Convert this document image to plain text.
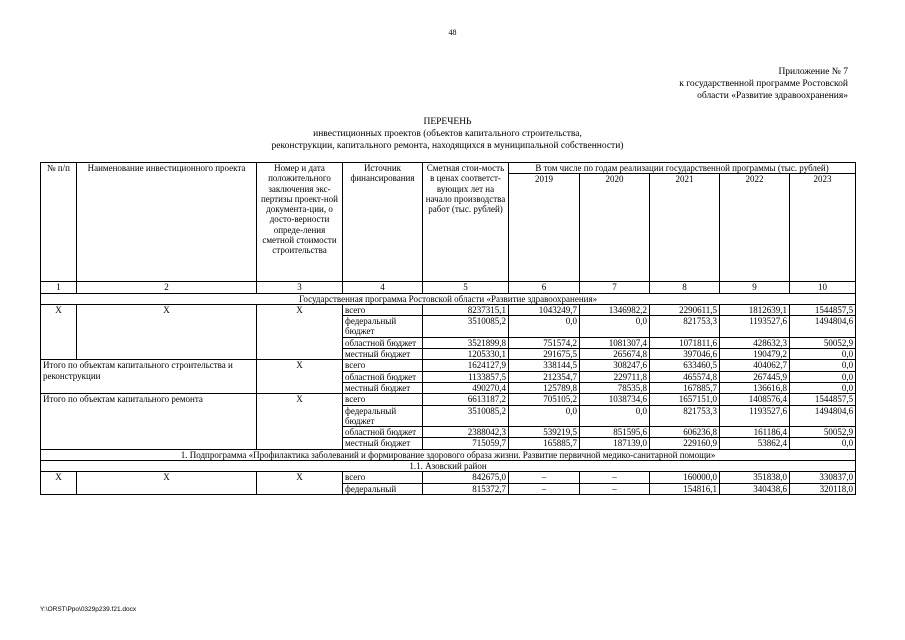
48
Приложение № 7
к государственной программе Ростовской
области «Развитие здравоохранения»
ПЕРЕЧЕНЬ
инвестиционных проектов (объектов капитального строительства,
реконструкции, капитального ремонта, находящихся в муниципальной собственности)
№ п/п	Наименование инвестиционного проекта	Номер и дата положительного заключения экс-пертизы проект-ной документа-ции, о досто-верности опреде-ления сметной стоимости строительства	Источник финансирования	Сметная стои-мость в ценах соответст-вующих лет на начало производства работ (тыс. рублей)	В том числе по годам реализации государственной программы (тыс. рублей)				
					2019	2020	2021	2022	2023
1	2	3	4	5	6	7	8	9	10
Государственная программа Ростовской области «Развитие здравоохранения»									
Х	Х	Х	всего	8237315,1	1043249,7	1346982,2	2290611,5	1812639,1	1544857,5
			федеральный бюджет	3510085,2	0,0	0,0	821753,3	1193527,6	1494804,6
			областной бюджет	3521899,8	751574,2	1081307,4	1071811,6	428632,3	50052,9
			местный бюджет	1205330,1	291675,5	265674,8	397046,6	190479,2	0,0
Итого по объектам капитального строительства и реконструкции		Х	всего	1624127,9	338144,5	308247,6	633460,5	404062,7	0,0
			областной бюджет	1133857,5	212354,7	229711,8	465574,8	267445,9	0,0
			местный бюджет	490270,4	125789,8	78535,8	167885,7	136616,8	0,0
Итого по объектам капитального ремонта		Х	всего	6613187,2	705105,2	1038734,6	1657151,0	1408576,4	1544857,5
			федеральный бюджет	3510085,2	0,0	0,0	821753,3	1193527,6	1494804,6
			областной бюджет	2388042,3	539219,5	851595,6	606236,8	161186,4	50052,9
			местный бюджет	715059,7	165885,7	187139,0	229160,9	53862,4	0,0
1. Подпрограмма «Профилактика заболеваний и формирование здорового образа жизни. Развитие первичной медико-санитарной помощи»									
1.1. Азовский район									
Х	Х	Х	всего	842675,0	–	–	160000,0	351838,0	330837,0
			федеральный	815372,7	–	–	154816,1	340438,6	320118,0
Y:\ORST\Ppo\0329p239.f21.docx
